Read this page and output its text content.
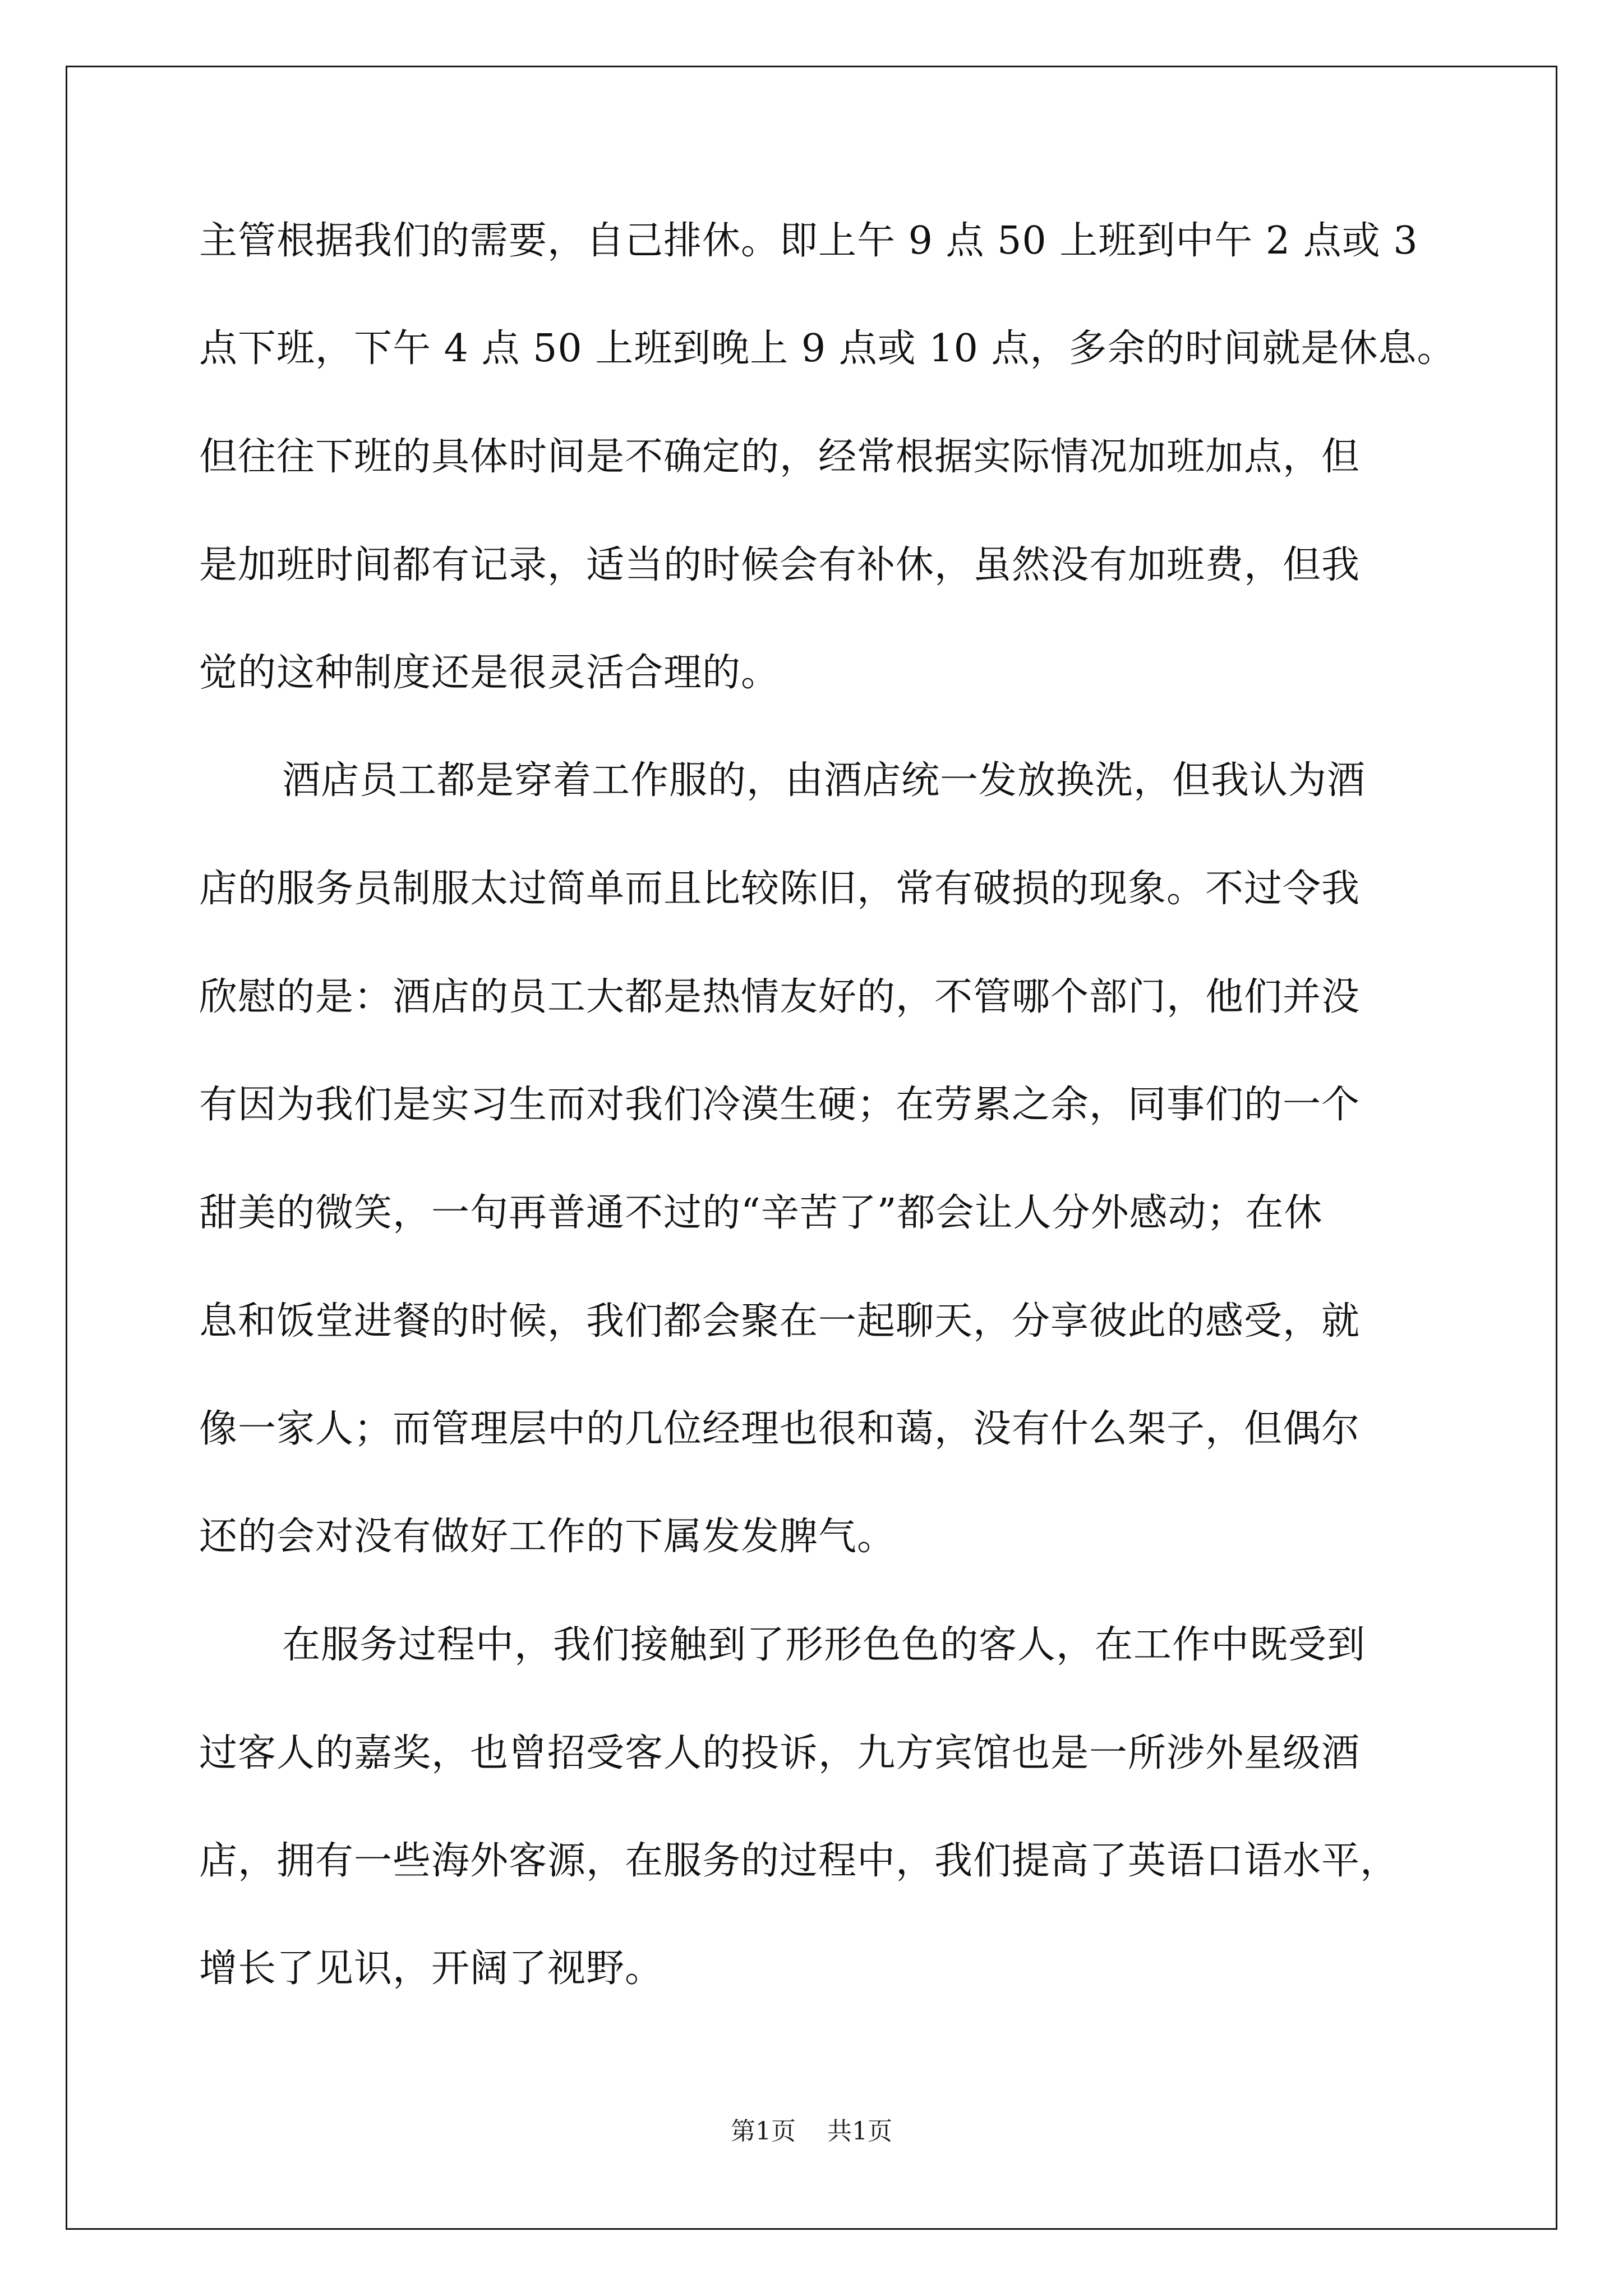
主管根据我们的需要，自己排休。即上午 9 点 50 上班到中午 2 点或 3
点下班，下午 4 点 50 上班到晚上 9 点或 10 点，多余的时间就是休息。
但往往下班的具体时间是不确定的，经常根据实际情况加班加点，但
是加班时间都有记录，适当的时候会有补休，虽然没有加班费，但我
觉的这种制度还是很灵活合理的。
酒店员工都是穿着工作服的，由酒店统一发放换洗，但我认为酒
店的服务员制服太过简单而且比较陈旧，常有破损的现象。不过令我
欣慰的是：酒店的员工大都是热情友好的，不管哪个部门，他们并没
有因为我们是实习生而对我们冷漠生硬；在劳累之余，同事们的一个
甜美的微笑，一句再普通不过的“辛苦了”都会让人分外感动；在休
息和饭堂进餐的时候，我们都会聚在一起聊天，分享彼此的感受，就
像一家人；而管理层中的几位经理也很和蔼，没有什么架子，但偶尔
还的会对没有做好工作的下属发发脾气。
在服务过程中，我们接触到了形形色色的客人，在工作中既受到
过客人的嘉奖，也曾招受客人的投诉，九方宾馆也是一所涉外星级酒
店，拥有一些海外客源，在服务的过程中，我们提高了英语口语水平，
增长了见识，开阔了视野。
第1页 共1页
